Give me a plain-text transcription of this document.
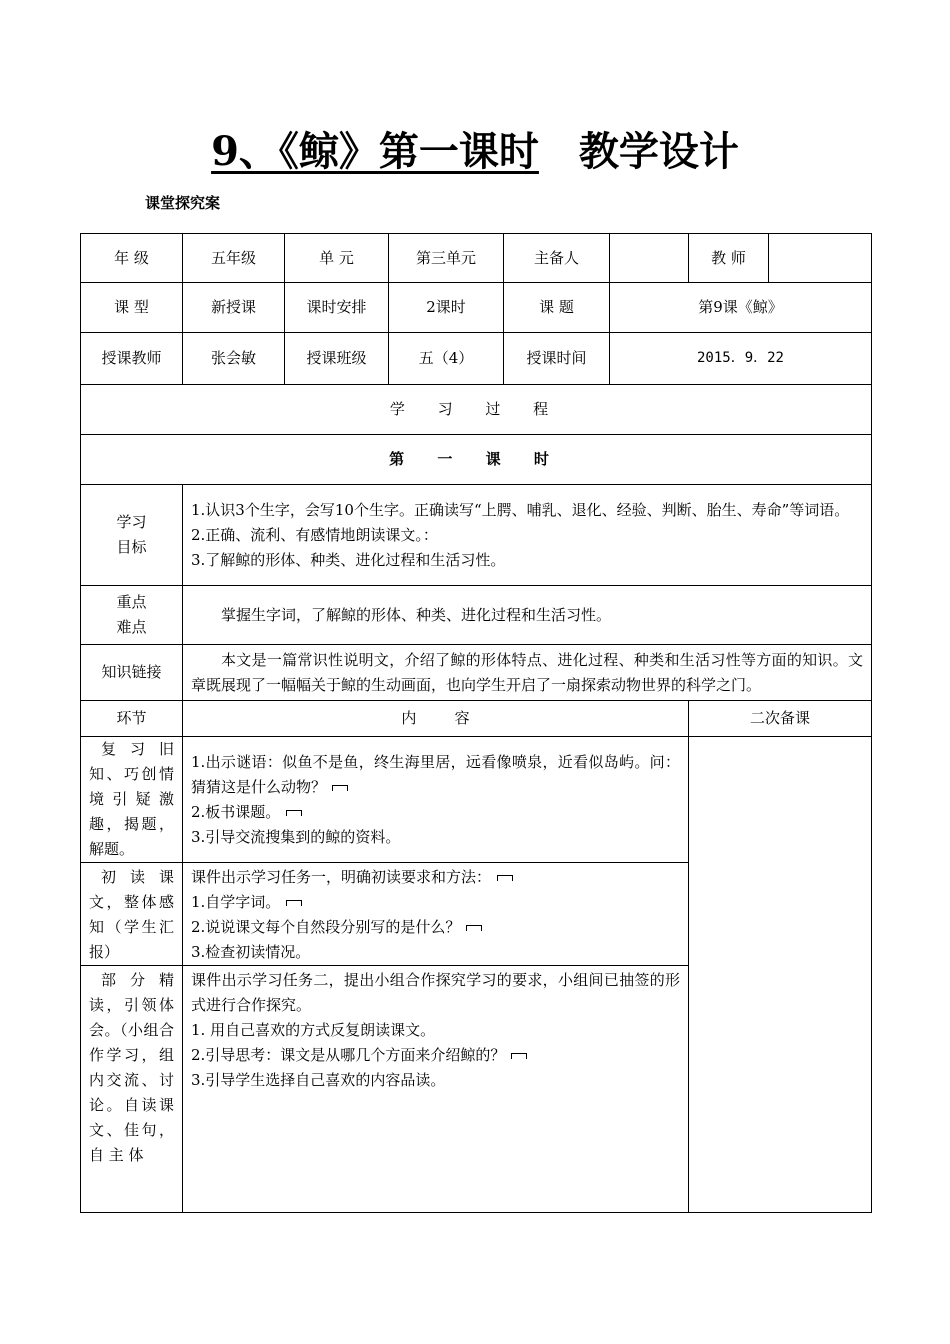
9、《鲸》第一课时 教学设计
课堂探究案
年 级	五年级	单 元	第三单元	主备人		教 师	
课 型	新授课	课时安排	2课时	课 题	第9课《鲸》		
授课教师	张会敏	授课班级	五（4）	授课时间	2015．9．22		
学 习 过 程							
第 一 课 时							
学习
目标	1.认识3个生字，会写10个生字。正确读写“上腭、哺乳、退化、经验、判断、胎生、寿命”等词语。
2.正确、流利、有感情地朗读课文。：
3.了解鲸的形体、种类、进化过程和生活习性。						

重点
难点	掌握生字词，了解鲸的形体、种类、进化过程和生活习性。						
知识链接	本文是一篇常识性说明文，介绍了鲸的形体特点、进化过程、种类和生活习性等方面的知识。文章既展现了一幅幅关于鲸的生动画面，也向学生开启了一扇探索动物世界的科学之门。						
环节	内        容					二次备课	
复习旧知、巧创情境引疑激趣，揭题，解题。	1.出示谜语：似鱼不是鱼，终生海里居，远看像喷泉，近看似岛屿。问：猜猜这是什么动物？
2.板书课题。
3.引导交流搜集到的鲸的资料。						

初读课文，整体感知（学生汇报）	课件出示学习任务一，明确初读要求和方法：
1.自学字词。
2.说说课文每个自然段分别写的是什么？
3.检查初读情况。						

部分精读，引领体会。（小组合作学习，组内交流、讨论。自读课文、佳句，自 主 体	课件出示学习任务二，提出小组合作探究学习的要求，小组间已抽签的形式进行合作探究。
1. 用自己喜欢的方式反复朗读课文。
2.引导思考：课文是从哪几个方面来介绍鲸的？
3.引导学生选择自己喜欢的内容品读。						
